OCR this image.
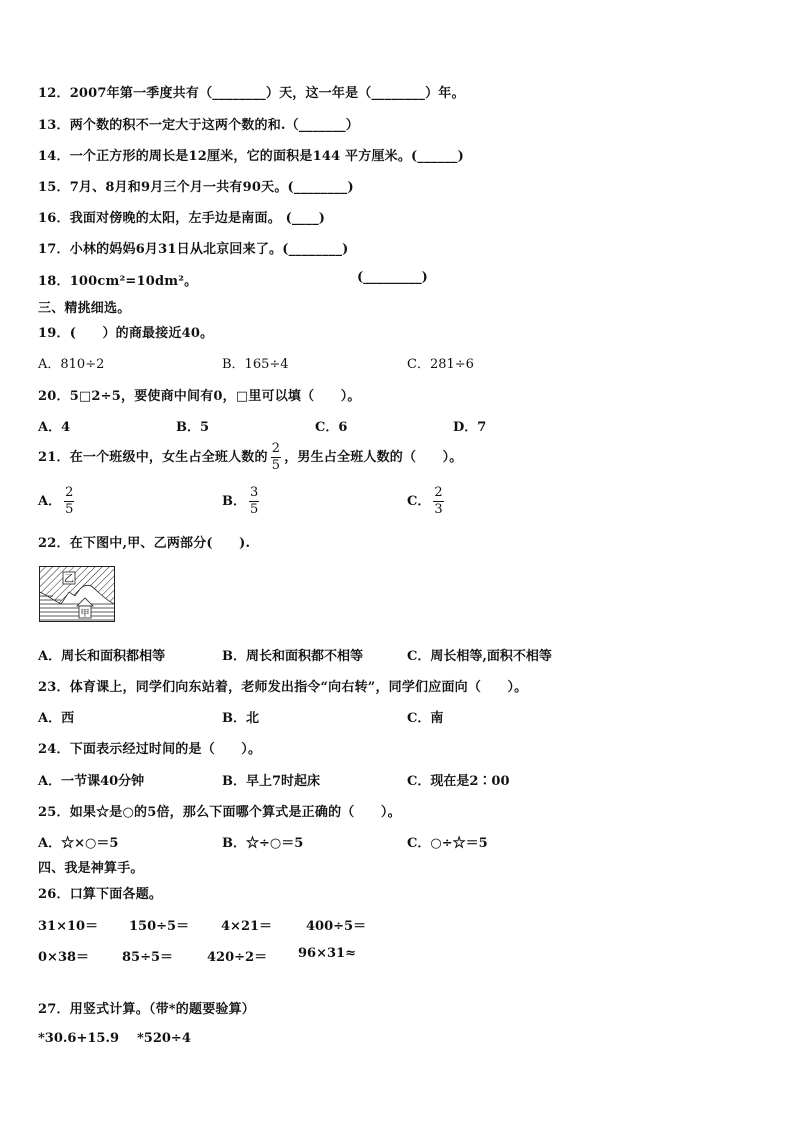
12．2007年第一季度共有（________）天，这一年是（________）年。
13．两个数的积不一定大于这两个数的和.（_______）
14．一个正方形的周长是12厘米，它的面积是144 平方厘米。(______)
15．7月、8月和9月三个月一共有90天。(________)
16．我面对傍晚的太阳，左手边是南面。 (____)
17．小林的妈妈6月31日从北京回来了。(________)
18．100cm²=10dm²。	(_________)
三、精挑细选。
19．(　　）的商最接近40。
A．810÷2	B．165÷4	C．281÷6
20．5□2÷5，要使商中间有0，□里可以填（　　）。
A．4	B．5	C．6	D．7
21．在一个班级中，女生占全班人数的 $\frac{2}{5}$ ，男生占全班人数的（　　）。
A． $\frac{2}{5}$	B． $\frac{3}{5}$	C． $\frac{2}{3}$
22．在下图中,甲、乙两部分(　　).
乙
甲
A．周长和面积都相等	B．周长和面积都不相等	C．周长相等,面积不相等
23．体育课上，同学们向东站着，老师发出指令“向右转”，同学们应面向（　　）。
A．西	B．北	C．南
24．下面表示经过时间的是（　　）。
A．一节课40分钟	B．早上7时起床	C．现在是2∶00
25．如果☆是○的5倍，那么下面哪个算式是正确的（　　）。
A．☆×○＝5	B．☆÷○＝5	C．○÷☆＝5
四、我是神算手。
26．口算下面各题。
31×10＝ 150÷5＝ 4×21＝	400÷5＝
0×38＝	85÷5＝	420÷2＝ 96×31≈
27．用竖式计算。（带*的题要验算）
*30.6+15.9 *520÷4
